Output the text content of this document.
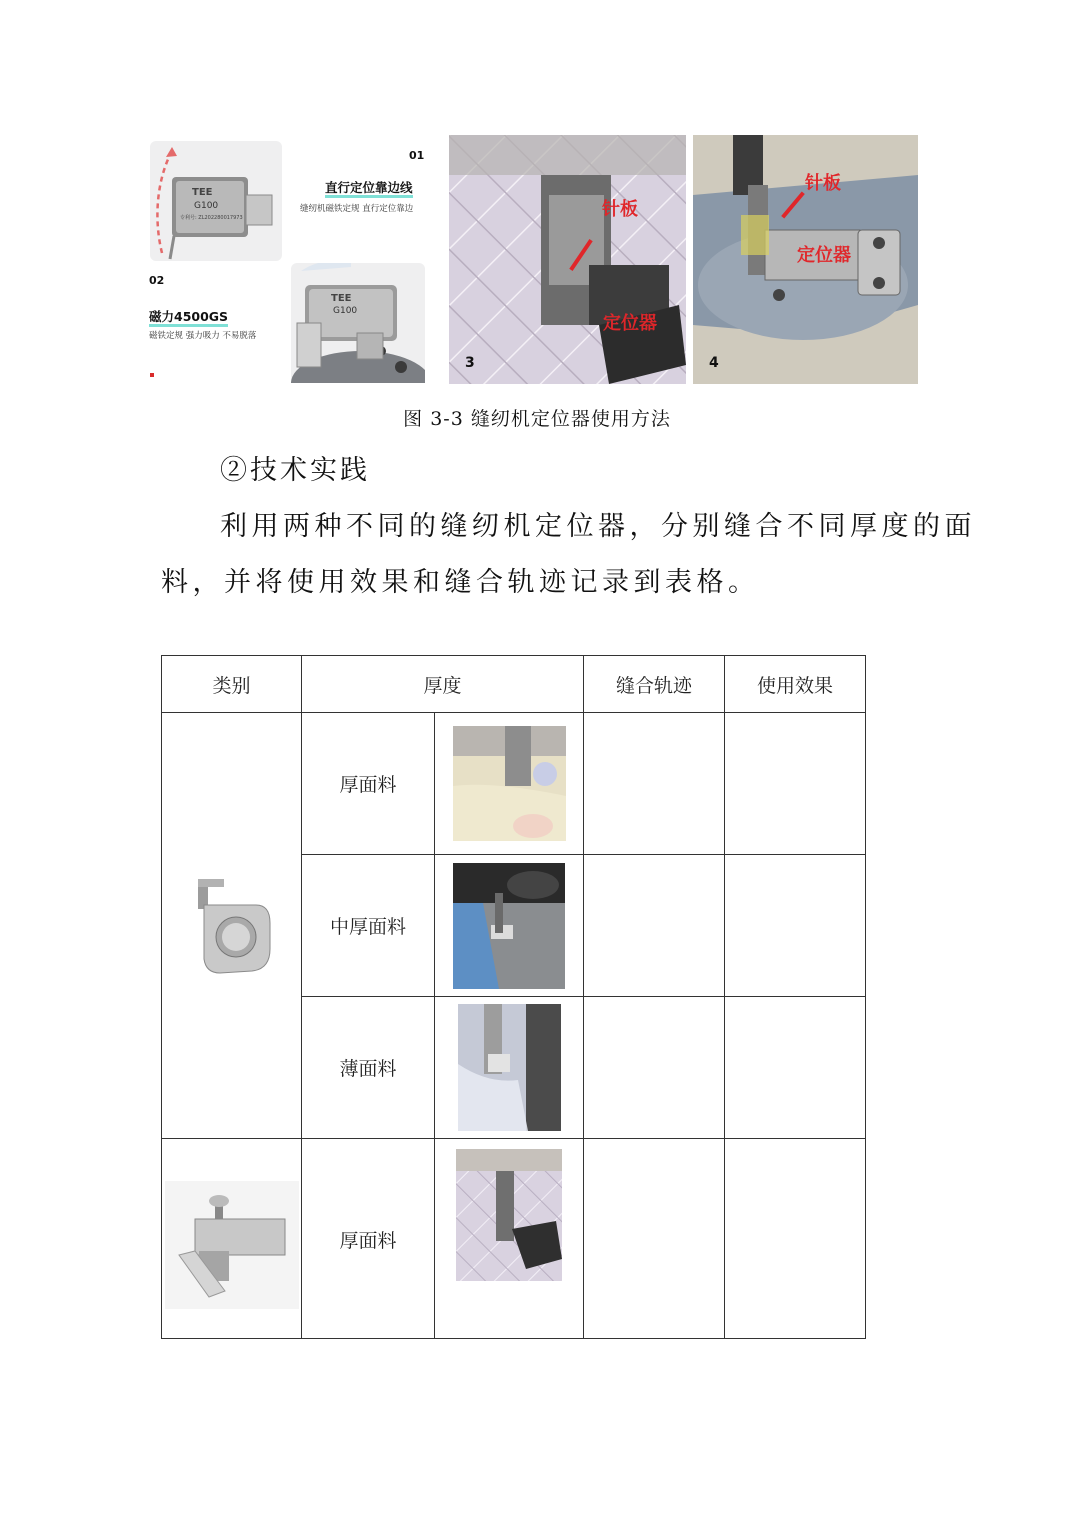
TEE
G100
专利号: ZL202280017973
01
直行定位靠边线
缝纫机磁铁定规 直行定位靠边
02
磁力4500GS
磁铁定规 强力吸力 不易脱落
TEE
G100
针板
定位器
3
针板
定位器
4
图 3-3 缝纫机定位器使用方法
②技术实践
利用两种不同的缝纫机定位器，分别缝合不同厚度的面
料，并将使用效果和缝合轨迹记录到表格。
类别	厚度		缝合轨迹	使用效果

	厚面料	

	中厚面料	

	薄面料	

	厚面料	
